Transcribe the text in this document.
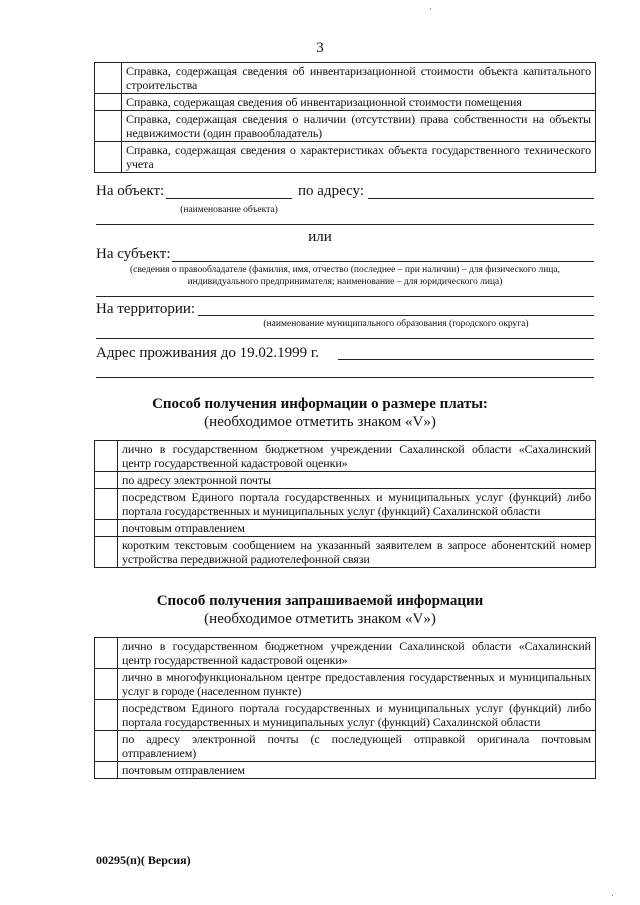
3
	Справка, содержащая сведения об инвентаризационной стоимости объекта капитального строительства
	Справка, содержащая сведения об инвентаризационной стоимости помещения
	Справка, содержащая сведения о наличии (отсутствии) права собственности на объекты недвижимости (один правообладатель)
	Справка, содержащая сведения о характеристиках объекта государственного технического учета
На объект:	по адресу:
(наименование объекта)
или
На субъект:
(сведения о правообладателе (фамилия, имя, отчество (последнее – при наличии) – для физического лица,
индивидуального предпринимателя; наименование – для юридического лица)
На территории:
(наименование муниципального образования (городского округа)
Адрес проживания до 19.02.1999 г.
Способ получения информации о размере платы:
(необходимое отметить знаком «V»)
	лично в государственном бюджетном учреждении Сахалинской области «Сахалинский центр государственной кадастровой оценки»
	по адресу электронной почты
	посредством Единого портала государственных и муниципальных услуг (функций) либо портала государственных и муниципальных услуг (функций) Сахалинской области
	почтовым отправлением
	коротким текстовым сообщением на указанный заявителем в запросе абонентский номер устройства передвижной радиотелефонной связи
Способ получения запрашиваемой информации
(необходимое отметить знаком «V»)
	лично в государственном бюджетном учреждении Сахалинской области «Сахалинский центр государственной кадастровой оценки»
	лично в многофункциональном центре предоставления государственных и муниципальных услуг в городе (населенном пункте)
	посредством Единого портала государственных и муниципальных услуг (функций) либо портала государственных и муниципальных услуг (функций) Сахалинской области
	по адресу электронной почты (с последующей отправкой оригинала почтовым отправлением)
	почтовым отправлением
00295(п)( Версия)
